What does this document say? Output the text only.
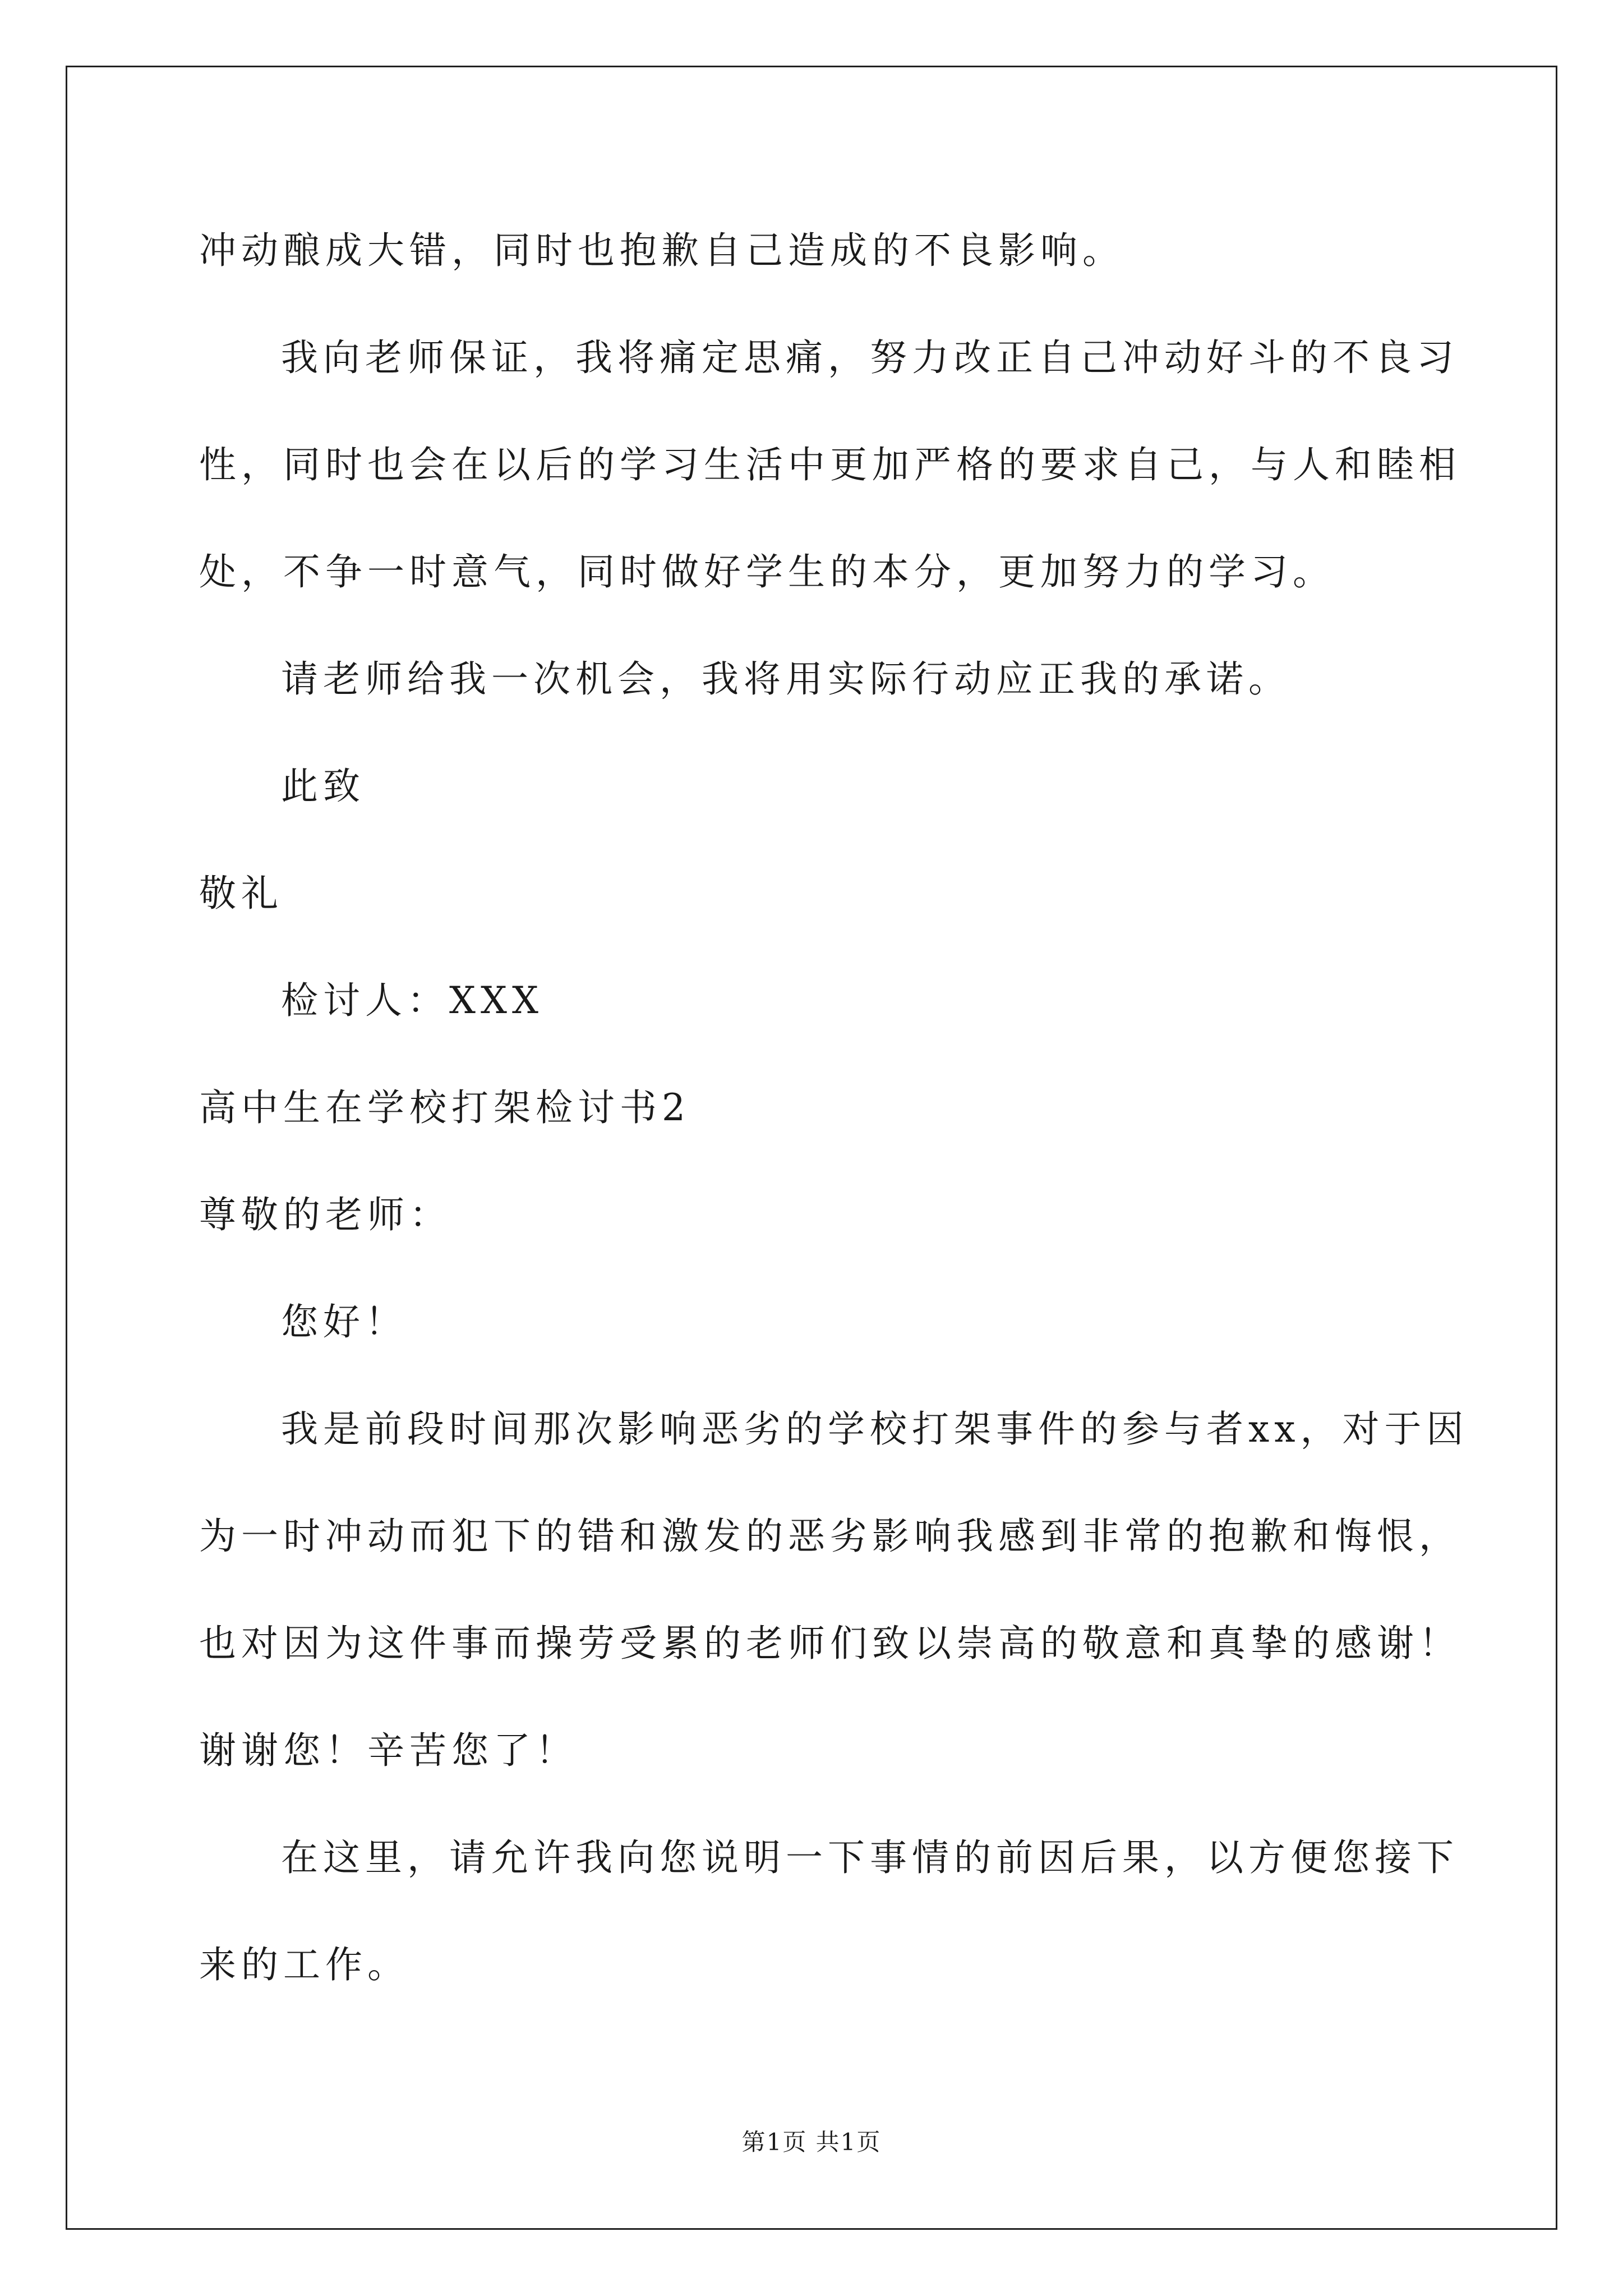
冲动酿成大错，同时也抱歉自己造成的不良影响。
我向老师保证，我将痛定思痛，努力改正自己冲动好斗的不良习
性，同时也会在以后的学习生活中更加严格的要求自己，与人和睦相
处，不争一时意气，同时做好学生的本分，更加努力的学习。
请老师给我一次机会，我将用实际行动应正我的承诺。
此致
敬礼
检讨人：XXX
高中生在学校打架检讨书2
尊敬的老师：
您好！
我是前段时间那次影响恶劣的学校打架事件的参与者xx，对于因
为一时冲动而犯下的错和激发的恶劣影响我感到非常的抱歉和悔恨，
也对因为这件事而操劳受累的老师们致以崇高的敬意和真挚的感谢！
谢谢您！辛苦您了！
在这里，请允许我向您说明一下事情的前因后果，以方便您接下
来的工作。
第1页 共1页
